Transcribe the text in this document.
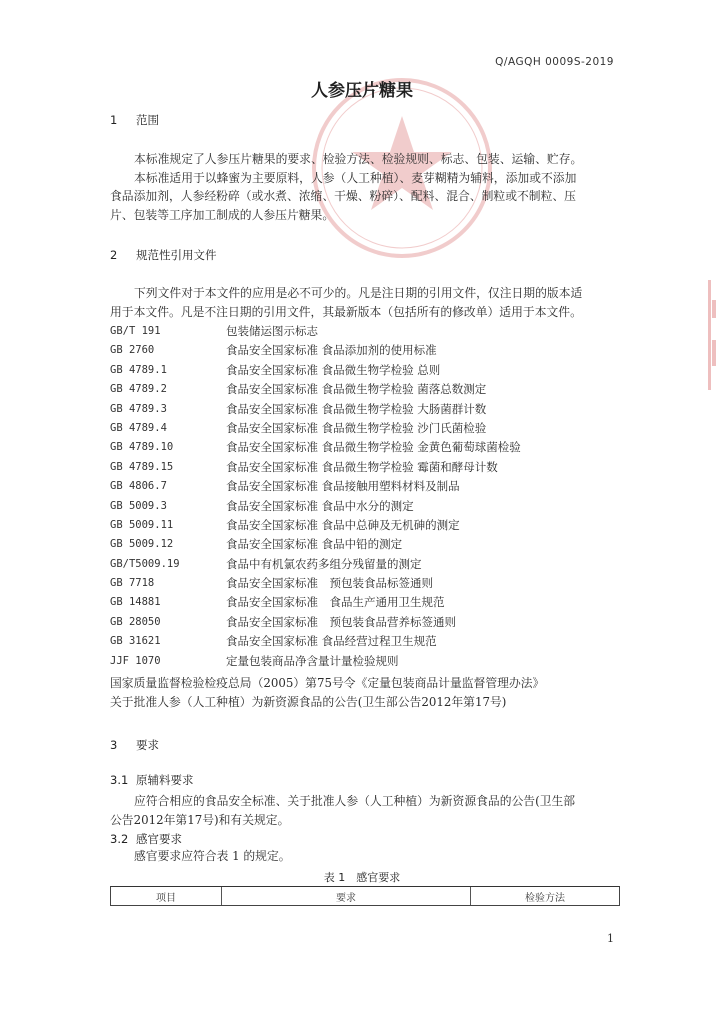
Q/AGQH 0009S-2019
人参压片糖果
1 范围
本标准规定了人参压片糖果的要求、检验方法、检验规则、标志、包装、运输、贮存。
本标准适用于以蜂蜜为主要原料，人参（人工种植）、麦芽糊精为辅料，添加或不添加
食品添加剂，人参经粉碎（或水煮、浓缩、干燥、粉碎）、配料、混合、制粒或不制粒、压
片、包装等工序加工制成的人参压片糖果。
2 规范性引用文件
下列文件对于本文件的应用是必不可少的。凡是注日期的引用文件，仅注日期的版本适
用于本文件。凡是不注日期的引用文件，其最新版本（包括所有的修改单）适用于本文件。
GB/T 191	包装储运图示标志
GB 2760	食品安全国家标准 食品添加剂的使用标准
GB 4789.1	食品安全国家标准 食品微生物学检验 总则
GB 4789.2	食品安全国家标准 食品微生物学检验 菌落总数测定
GB 4789.3	食品安全国家标准 食品微生物学检验 大肠菌群计数
GB 4789.4	食品安全国家标准 食品微生物学检验 沙门氏菌检验
GB 4789.10	食品安全国家标准 食品微生物学检验 金黄色葡萄球菌检验
GB 4789.15	食品安全国家标准 食品微生物学检验 霉菌和酵母计数
GB 4806.7	食品安全国家标准 食品接触用塑料材料及制品
GB 5009.3	食品安全国家标准 食品中水分的测定
GB 5009.11	食品安全国家标准 食品中总砷及无机砷的测定
GB 5009.12	食品安全国家标准 食品中铅的测定
GB/T5009.19	食品中有机氯农药多组分残留量的测定
GB 7718	食品安全国家标准　预包装食品标签通则
GB 14881	食品安全国家标准　食品生产通用卫生规范
GB 28050	食品安全国家标准　预包装食品营养标签通则
GB 31621	食品安全国家标准 食品经营过程卫生规范
JJF 1070	定量包装商品净含量计量检验规则
国家质量监督检验检疫总局（2005）第75号令《定量包装商品计量监督管理办法》
关于批准人参（人工种植）为新资源食品的公告(卫生部公告2012年第17号)
3 要求
3.1 原辅料要求
应符合相应的食品安全标准、关于批准人参（人工种植）为新资源食品的公告(卫生部
公告2012年第17号)和有关规定。
3.2 感官要求
感官要求应符合表 1 的规定。
表 1　感官要求
项目	要求	检验方法
1
